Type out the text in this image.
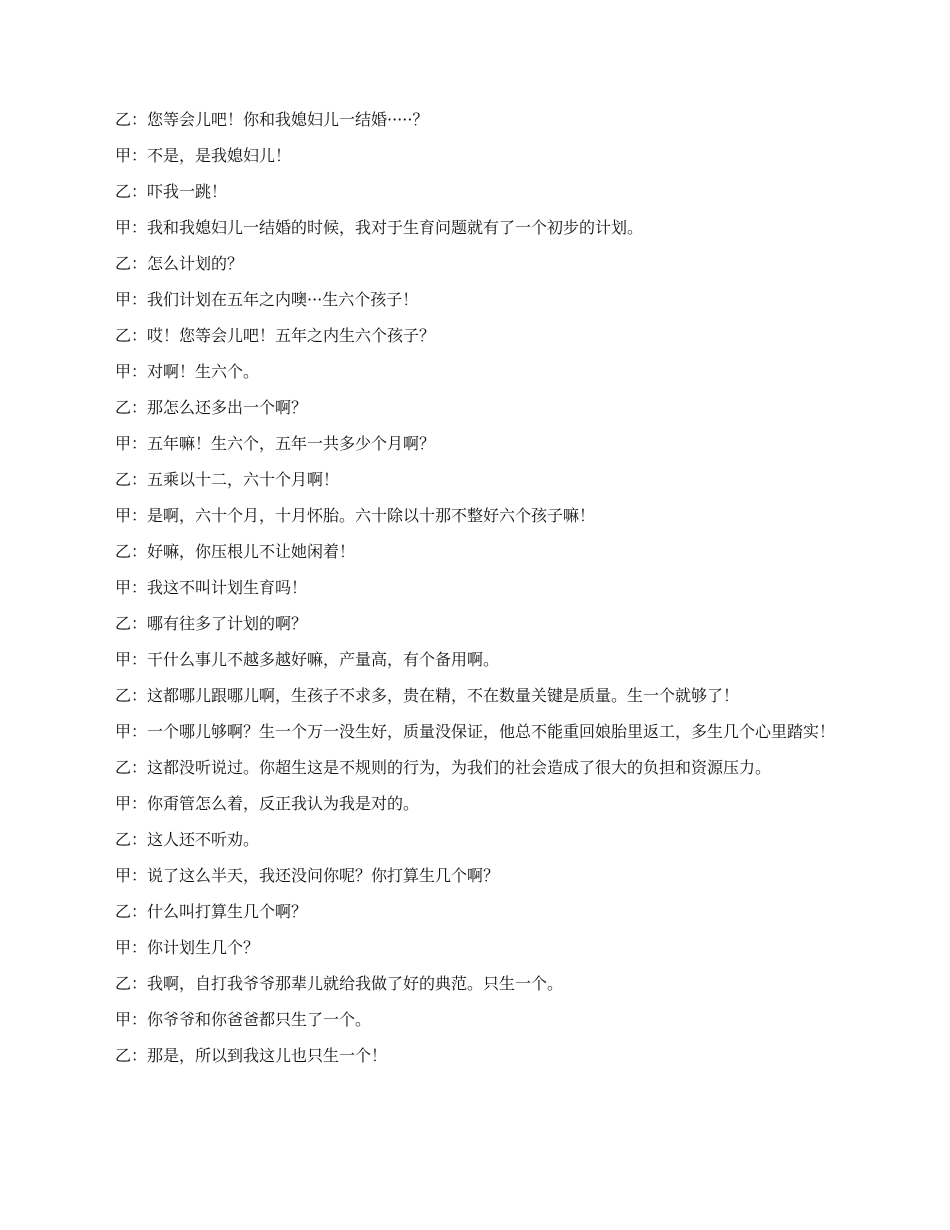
乙：您等会儿吧！你和我媳妇儿一结婚·····？

甲：不是，是我媳妇儿！

乙：吓我一跳！

甲：我和我媳妇儿一结婚的时候，我对于生育问题就有了一个初步的计划。

乙：怎么计划的？

甲：我们计划在五年之内噢···生六个孩子！

乙：哎！您等会儿吧！五年之内生六个孩子？

甲：对啊！生六个。

乙：那怎么还多出一个啊？

甲：五年嘛！生六个，五年一共多少个月啊？

乙：五乘以十二，六十个月啊！

甲：是啊，六十个月，十月怀胎。六十除以十那不整好六个孩子嘛！

乙：好嘛，你压根儿不让她闲着！

甲：我这不叫计划生育吗！

乙：哪有往多了计划的啊？

甲：干什么事儿不越多越好嘛，产量高，有个备用啊。

乙：这都哪儿跟哪儿啊，生孩子不求多，贵在精，不在数量关键是质量。生一个就够了！

甲：一个哪儿够啊？生一个万一没生好，质量没保证，他总不能重回娘胎里返工，多生几个心里踏实！

乙：这都没听说过。你超生这是不规则的行为，为我们的社会造成了很大的负担和资源压力。

甲：你甭管怎么着，反正我认为我是对的。

乙：这人还不听劝。

甲：说了这么半天，我还没问你呢？你打算生几个啊？

乙：什么叫打算生几个啊？

甲：你计划生几个？

乙：我啊，自打我爷爷那辈儿就给我做了好的典范。只生一个。

甲：你爷爷和你爸爸都只生了一个。

乙：那是，所以到我这儿也只生一个！
